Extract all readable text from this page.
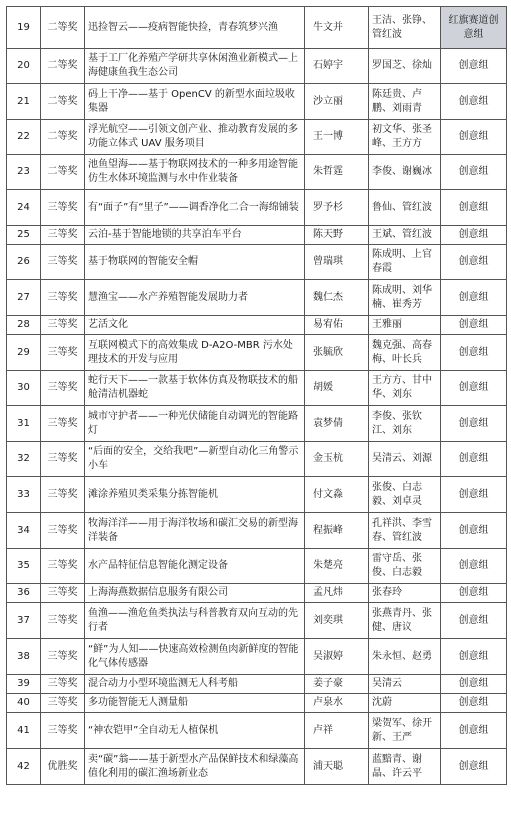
19	二等奖	迅捡智云——疫病智能快捡，青春筑梦兴渔	牛文并	王洁、张铮、管红波	红旗赛道创意组
20	二等奖	基于工厂化养殖产学研共享休闲渔业新模式—上海健康鱼我生态公司	石婷宇	罗国芝、徐灿	创意组
21	二等奖	码上干净——基于 OpenCV 的新型水面垃圾收集器	沙立丽	陈廷贵、卢鹏、刘雨青	创意组
22	二等奖	浮光航空——引领文创产业、推动教育发展的多功能立体式 UAV 服务项目	王一博	初文华、张圣峰、王方方	创意组
23	二等奖	池鱼望海——基于物联网技术的一种多用途智能仿生水体环境监测与水中作业装备	朱哲霆	李俊、谢巍冰	创意组
24	三等奖	有“面子”有“里子”——调香净化二合一海绵铺装	罗予杉	鲁仙、管红波	创意组
25	三等奖	云泊-基于智能地锁的共享泊车平台	陈天野	王斌、管红波	创意组
26	三等奖	基于物联网的智能安全帽	曾瑞琪	陈成明、上官春霞	创意组
27	三等奖	慧渔宝——水产养殖智能发展助力者	魏仁杰	陈成明、刘华楠、崔秀芳	创意组
28	三等奖	艺活文化	易宥佑	王雅丽	创意组
29	三等奖	互联网模式下的高效集成 D-A2O-MBR 污水处理技术的开发与应用	张毓欣	魏克强、高春梅、叶长兵	创意组
30	三等奖	蛇行天下——一款基于软体仿真及物联技术的船舱清洁机器蛇	胡媛	王方方、甘中华、刘东	创意组
31	三等奖	城市守护者——一种光伏储能自动调光的智能路灯	袁梦倩	李俊、张钦江、刘东	创意组
32	三等奖	“后面的安全，交给我吧”—新型自动化三角警示小车	金玉杭	吴清云、刘源	创意组
33	三等奖	滩涂养殖贝类采集分拣智能机	付文淼	张俊、白志毅、刘卓灵	创意组
34	三等奖	牧海洋洋——用于海洋牧场和碳汇交易的新型海洋装备	程振峰	孔祥洪、李雪春、管红波	创意组
35	三等奖	水产品特征信息智能化测定设备	朱楚亮	雷守岳、张俊、白志毅	创意组
36	三等奖	上海海燕数据信息服务有限公司	孟凡炜	张春玲	创意组
37	三等奖	鱼渔——渔危鱼类执法与科普教育双向互动的先行者	刘奕琪	张燕青丹、张健、唐议	创意组
38	三等奖	“鲜”为人知——快速高效检测鱼肉新鲜度的智能化气体传感器	吴淑婷	朱永恒、赵勇	创意组
39	三等奖	混合动力小型环境监测无人科考船	姜子豪	吴清云	创意组
40	三等奖	多功能智能无人测量船	卢泉水	沈蔚	创意组
41	三等奖	“神农铠甲”全自动无人植保机	卢祥	梁贺军、徐开新、王严	创意组
42	优胜奖	卖“碳”翁——基于新型水产品保鲜技术和绿藻高值化利用的碳汇渔场新业态	浦天聪	蓝黯青、谢晶、许云平	创意组
